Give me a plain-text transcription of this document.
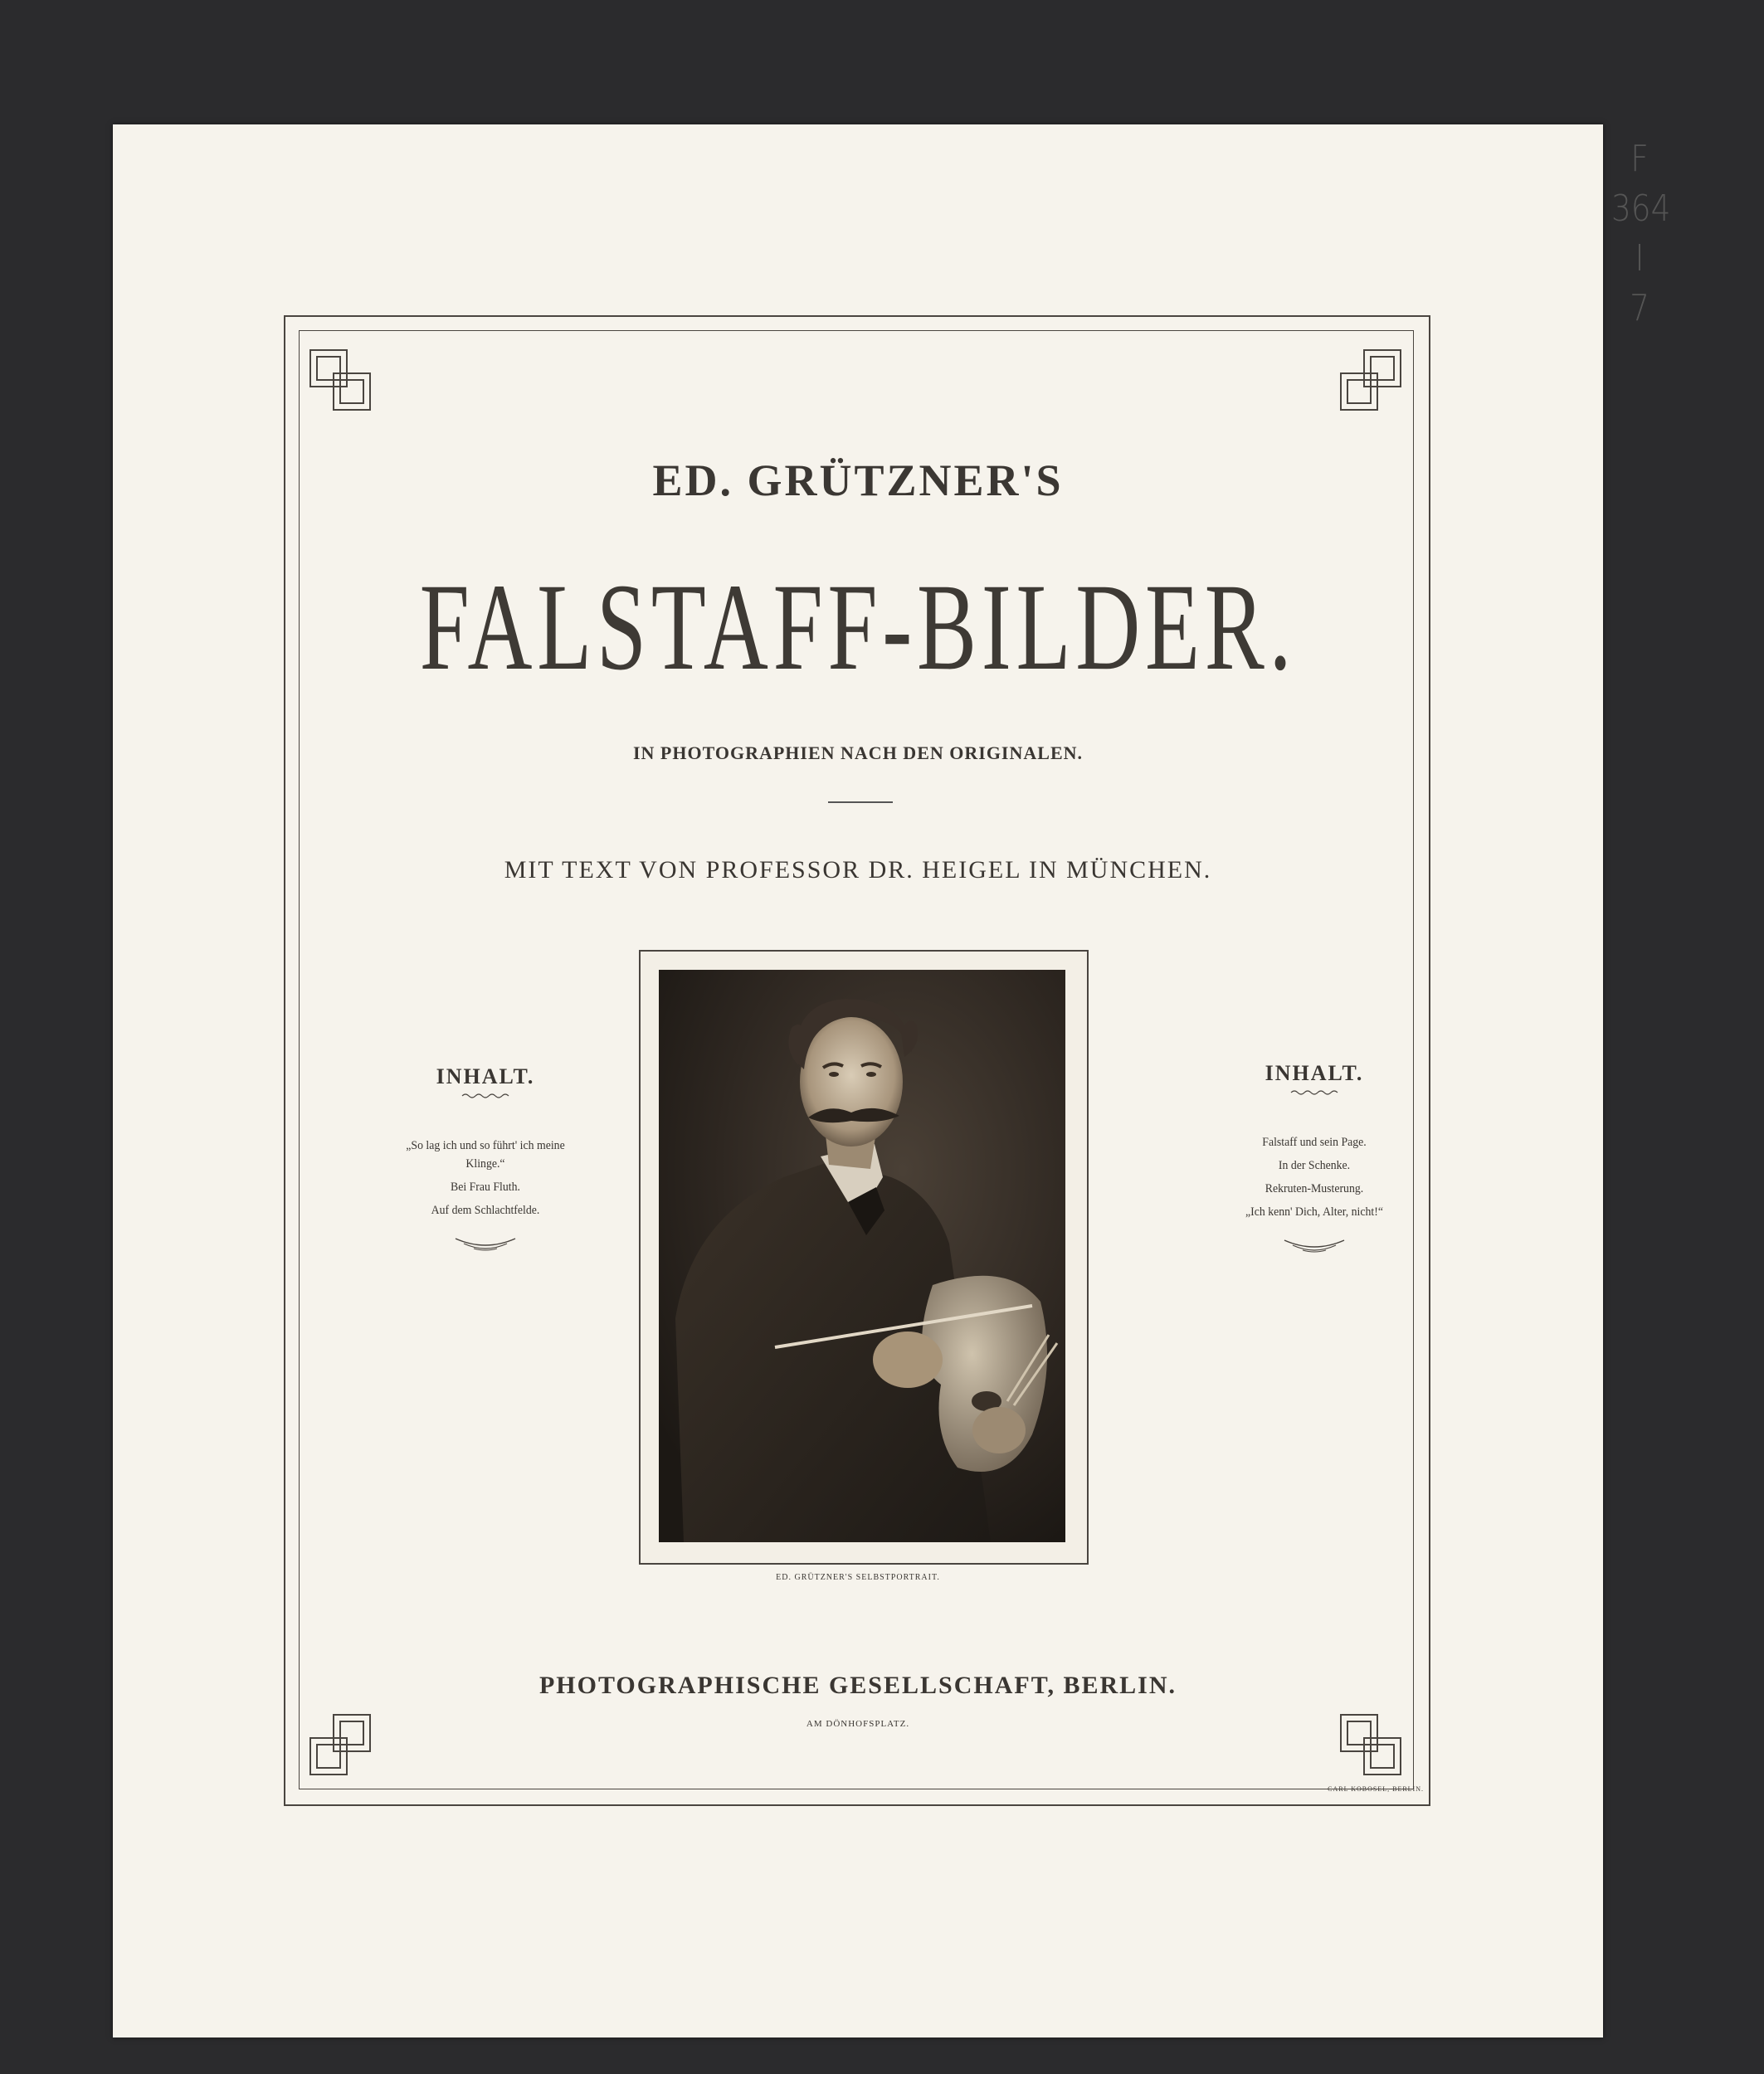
F
364
I
7
ED. GRÜTZNER'S
FALSTAFF-BILDER.
IN PHOTOGRAPHIEN NACH DEN ORIGINALEN.
MIT TEXT VON PROFESSOR DR. HEIGEL IN MÜNCHEN.
INHALT.
„So lag ich und so führt' ich meine
Klinge.“
Bei Frau Fluth.
Auf dem Schlachtfelde.
INHALT.
Falstaff und sein Page.
In der Schenke.
Rekruten-Musterung.
„Ich kenn' Dich, Alter, nicht!“
ED. GRÜTZNER'S SELBSTPORTRAIT.
PHOTOGRAPHISCHE GESELLSCHAFT, BERLIN.
AM DÖNHOFSPLATZ.
CARL KOBOSEL, BERLIN.
